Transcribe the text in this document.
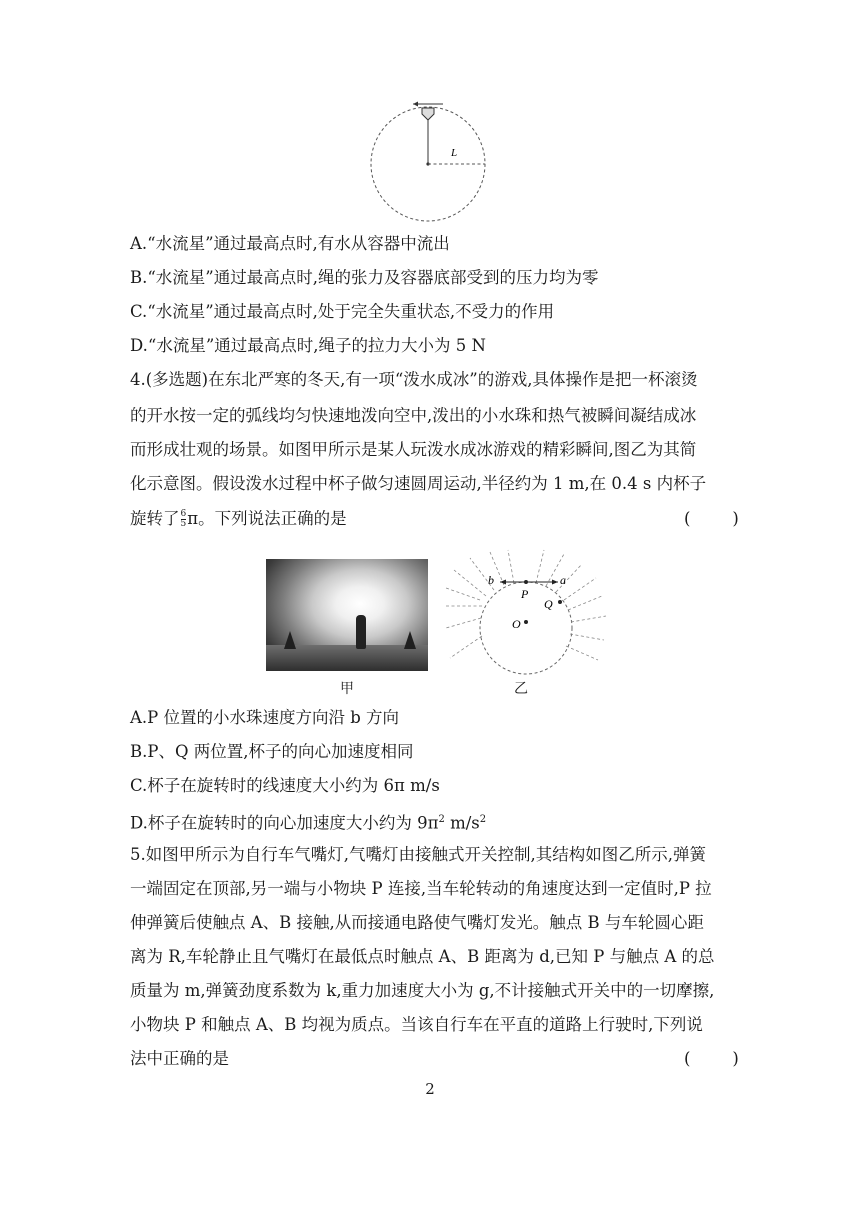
L
A.“水流星”通过最高点时,有水从容器中流出
B.“水流星”通过最高点时,绳的张力及容器底部受到的压力均为零
C.“水流星”通过最高点时,处于完全失重状态,不受力的作用
D.“水流星”通过最高点时,绳子的拉力大小为 5 N
4.(多选题)在东北严寒的冬天,有一项“泼水成冰”的游戏,具体操作是把一杯滚烫
的开水按一定的弧线均匀快速地泼向空中,泼出的小水珠和热气被瞬间凝结成冰
而形成壮观的场景。如图甲所示是某人玩泼水成冰游戏的精彩瞬间,图乙为其简
化示意图。假设泼水过程中杯子做匀速圆周运动,半径约为 1 m,在 0.4 s 内杯子
旋转了 $\frac{6}{5}$ π。下列说法正确的是	(        )
b	a
P
Q
O
甲	乙
A.P 位置的小水珠速度方向沿 b 方向
B.P、Q 两位置,杯子的向心加速度相同
C.杯子在旋转时的线速度大小约为 6π m/s
D.杯子在旋转时的向心加速度大小约为 $9\pi^2$ $m/s^2$
5.如图甲所示为自行车气嘴灯,气嘴灯由接触式开关控制,其结构如图乙所示,弹簧
一端固定在顶部,另一端与小物块 P 连接,当车轮转动的角速度达到一定值时,P 拉
伸弹簧后使触点 A、B 接触,从而接通电路使气嘴灯发光。触点 B 与车轮圆心距
离为 R,车轮静止且气嘴灯在最低点时触点 A、B 距离为 d,已知 P 与触点 A 的总
质量为 m,弹簧劲度系数为 k,重力加速度大小为 g,不计接触式开关中的一切摩擦,
小物块 P 和触点 A、B 均视为质点。当该自行车在平直的道路上行驶时,下列说
法中正确的是	(        )
2
